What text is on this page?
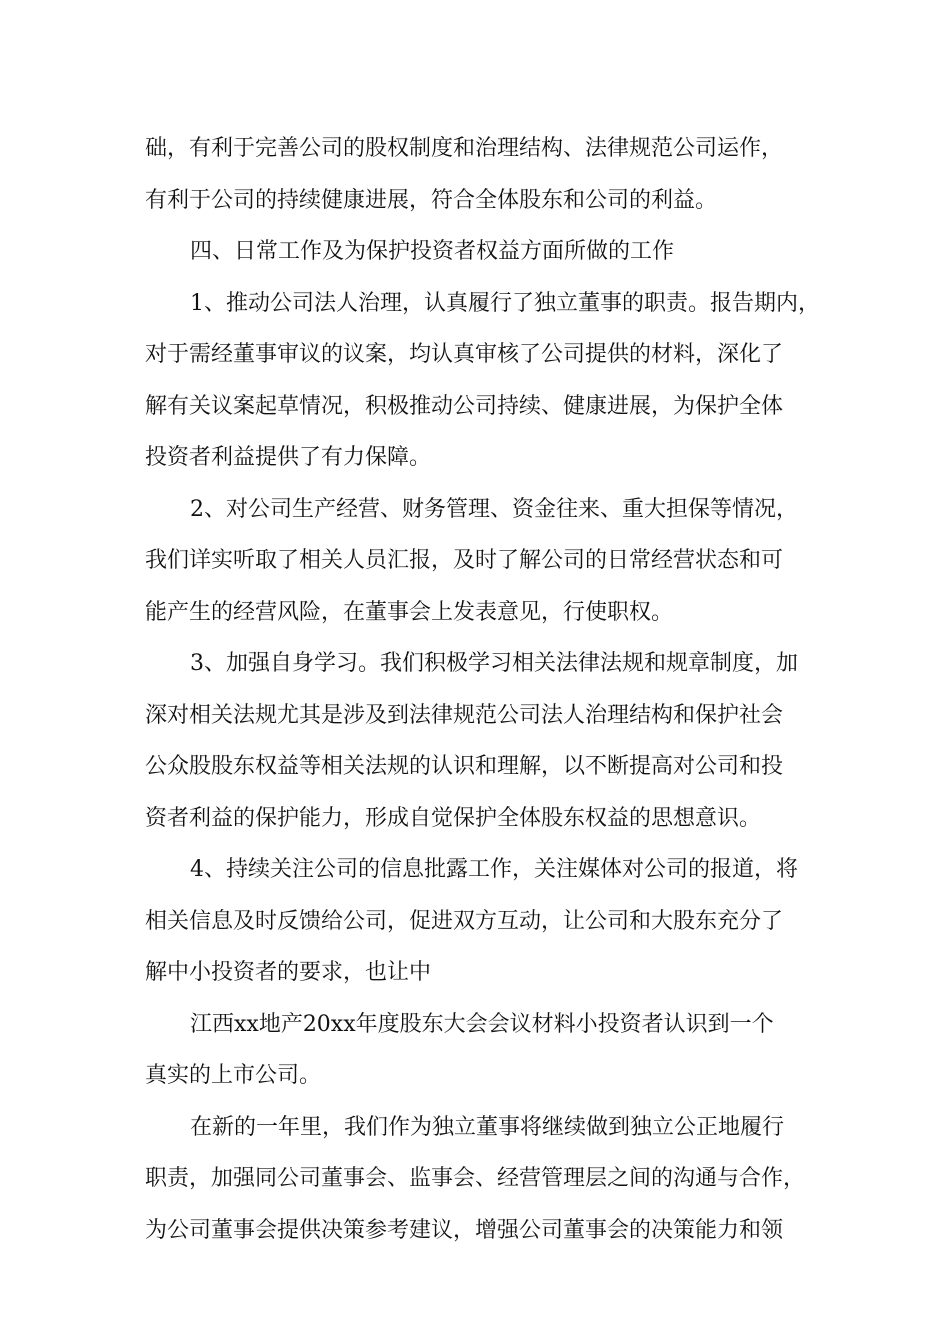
础，有利于完善公司的股权制度和治理结构、法律规范公司运作，
有利于公司的持续健康进展，符合全体股东和公司的利益。
四、日常工作及为保护投资者权益方面所做的工作
1、推动公司法人治理，认真履行了独立董事的职责。报告期内，
对于需经董事审议的议案，均认真审核了公司提供的材料，深化了
解有关议案起草情况，积极推动公司持续、健康进展，为保护全体
投资者利益提供了有力保障。
2、对公司生产经营、财务管理、资金往来、重大担保等情况，
我们详实听取了相关人员汇报，及时了解公司的日常经营状态和可
能产生的经营风险，在董事会上发表意见，行使职权。
3、加强自身学习。我们积极学习相关法律法规和规章制度，加
深对相关法规尤其是涉及到法律规范公司法人治理结构和保护社会
公众股股东权益等相关法规的认识和理解，以不断提高对公司和投
资者利益的保护能力，形成自觉保护全体股东权益的思想意识。
4、持续关注公司的信息批露工作，关注媒体对公司的报道，将
相关信息及时反馈给公司，促进双方互动，让公司和大股东充分了
解中小投资者的要求，也让中
江西xx地产20xx年度股东大会会议材料小投资者认识到一个
真实的上市公司。
在新的一年里，我们作为独立董事将继续做到独立公正地履行
职责，加强同公司董事会、监事会、经营管理层之间的沟通与合作，
为公司董事会提供决策参考建议，增强公司董事会的决策能力和领
